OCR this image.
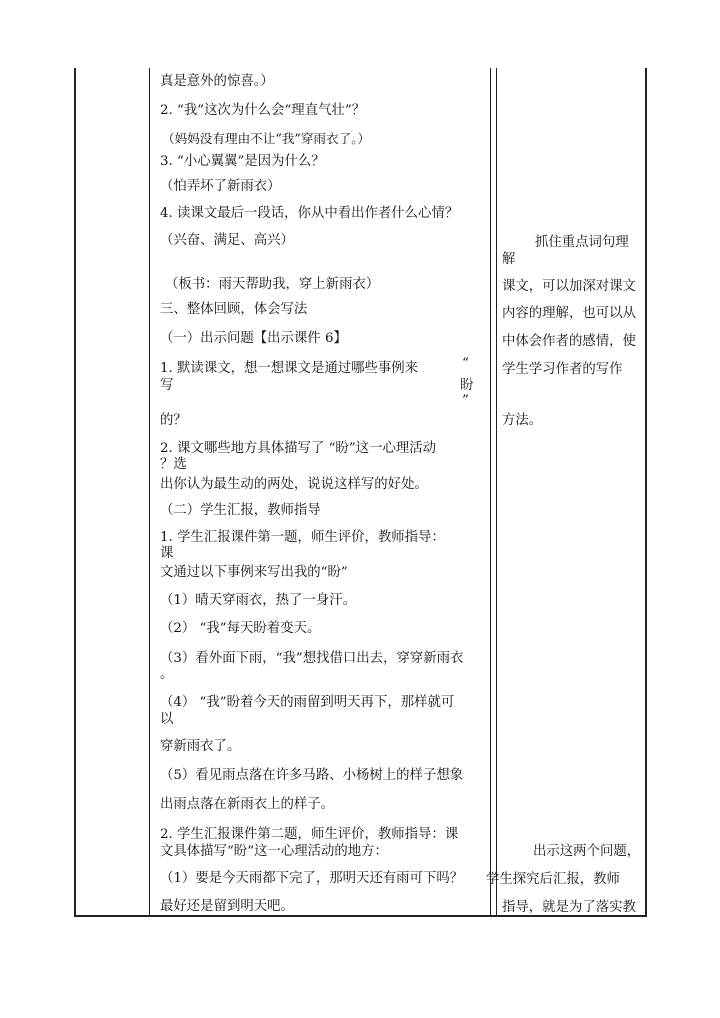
真是意外的惊喜。）
2. “我”这次为什么会“理直气壮”？
（妈妈没有理由不让“我”穿雨衣了。）
3. “小心翼翼”是因为什么？
（怕弄坏了新雨衣）
4. 读课文最后一段话，你从中看出作者什么心情？
（兴奋、满足、高兴）
（板书：雨天帮助我，穿上新雨衣）
三、整体回顾，体会写法
（一）出示问题【出示课件 6】
1. 默读课文，想一想课文是通过哪些事例来
写
“
盼
”
的？
2. 课文哪些地方具体描写了 “盼”这一心理活动
？选
出你认为最生动的两处，说说这样写的好处。
（二）学生汇报，教师指导
1. 学生汇报课件第一题，师生评价，教师指导：
课
文通过以下事例来写出我的“盼”
（1）晴天穿雨衣，热了一身汗。
（2） “我”每天盼着变天。
（3）看外面下雨，“我”想找借口出去，穿穿新雨衣
。
（4） “我”盼着今天的雨留到明天再下，那样就可
以
穿新雨衣了。
（5）看见雨点落在许多马路、小杨树上的样子想象
出雨点落在新雨衣上的样子。
2. 学生汇报课件第二题，师生评价，教师指导：课
文具体描写“盼”这一心理活动的地方：
（1）要是今天雨都下完了，那明天还有雨可下吗？
最好还是留到明天吧。
抓住重点词句理
解
课文，可以加深对课文
内容的理解，也可以从
中体会作者的感情，使
学生学习作者的写作
方法。
出示这两个问题，
学生探究后汇报，教师
指导，就是为了落实教
